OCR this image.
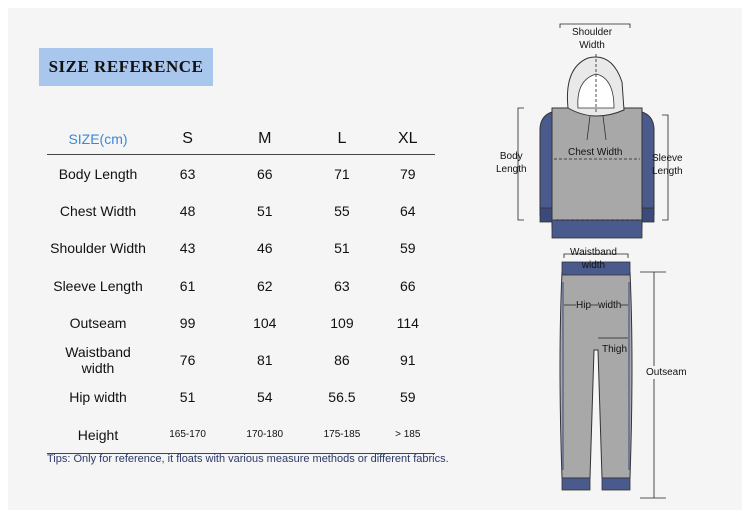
SIZE REFERENCE
SIZE(cm)	S	M	L	XL
Body Length	63	66	71	79
Chest Width	48	51	55	64
Shoulder Width	43	46	51	59
Sleeve Length	61	62	63	66
Outseam	99	104	109	114
Waistband width	76	81	86	91
Hip width	51	54	56.5	59
Height	165-170	170-180	175-185	> 185
Tips: Only for reference, it floats with various measure methods or different fabrics.
Shoulder
Width
Chest Width
Body
Length
Sleeve
Length
Waistband
width
Hip width
Thigh
Outseam
